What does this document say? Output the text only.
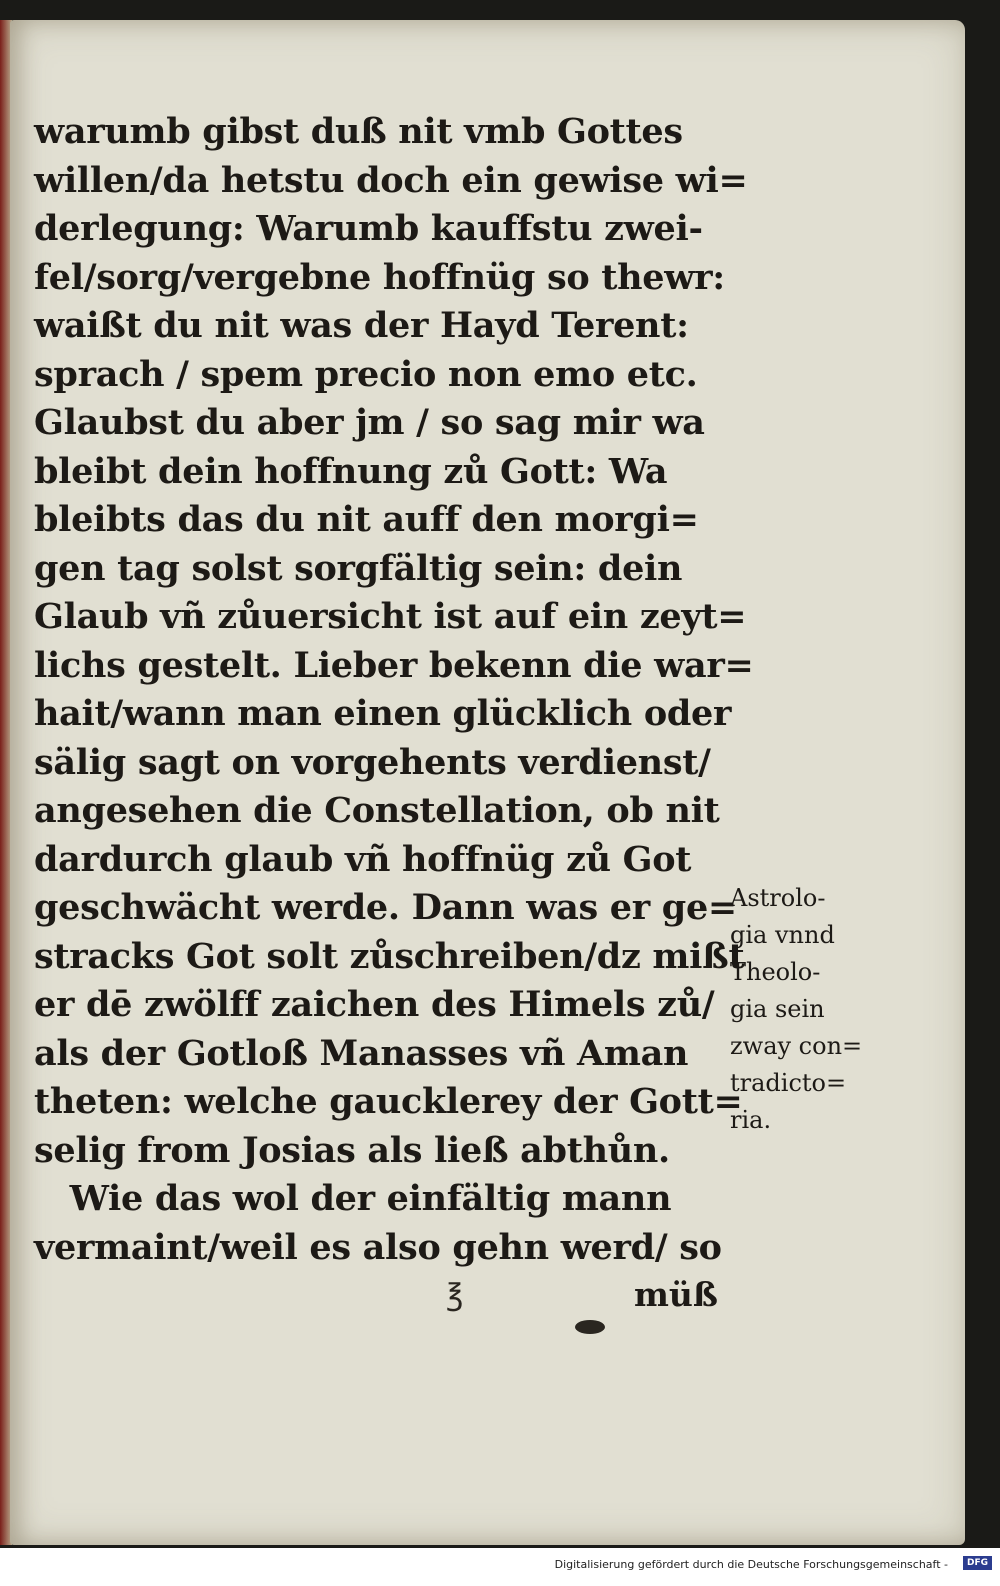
warumb gibst duß nit vmb Gottes
willen/da hetstu doch ein gewise wi=
derlegung: Warumb kauffstu zwei-
fel/sorg/vergebne hoffnüg so thewr:
waißt du nit was der Hayd Terent:
sprach / spem precio non emo etc.
Glaubst du aber jm / so sag mir wa
bleibt dein hoffnung zů Gott: Wa
bleibts das du nit auff den morgi=
gen tag solst sorgfältig sein: dein
Glaub vñ zůuersicht ist auf ein zeyt=
lichs gestelt. Lieber bekenn die war=
hait/wann man einen glücklich oder
sälig sagt on vorgehents verdienst/
angesehen die Constellation, ob nit
dardurch glaub vñ hoffnüg zů Got
geschwächt werde. Dann was er ge=
stracks Got solt zůschreiben/dz mißt
er dē zwölff zaichen des Himels zů/
als der Gotloß Manasses vñ Aman
theten: welche gaucklerey der Gott=
selig from Josias als ließ abthůn.
Wie das wol der einfältig mann
vermaint/weil es also gehn werd/ so
Astrolo-
gia vnnd
Theolo-
gia sein
zway con=
tradicto=
ria.
℥	müß
Digitalisierung gefördert durch die Deutsche Forschungsgemeinschaft -	DFG
